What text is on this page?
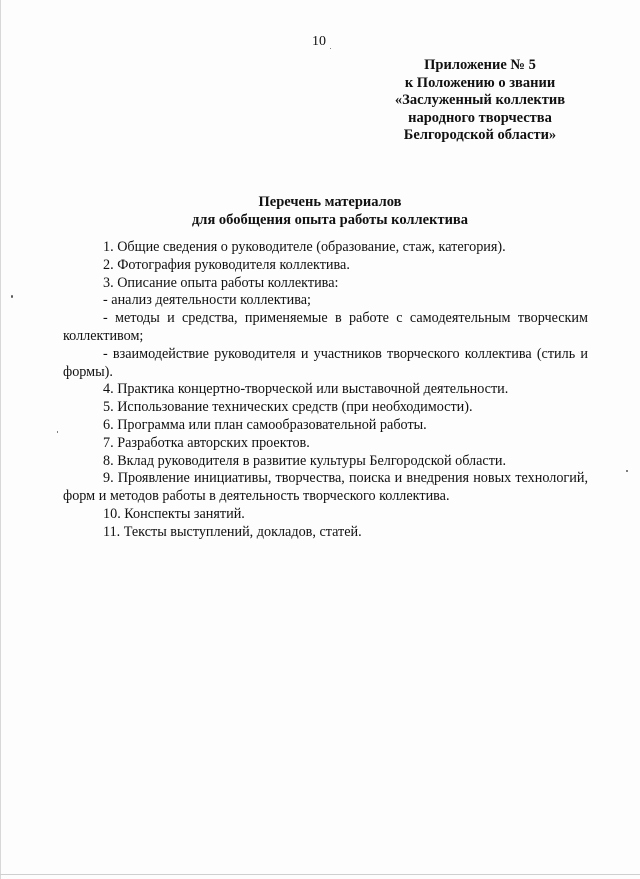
10
Приложение № 5
к Положению о звании
«Заслуженный коллектив
народного творчества
Белгородской области»
Перечень материалов
для обобщения опыта работы коллектива

1. Общие сведения о руководителе (образование, стаж, категория).

2. Фотография руководителя коллектива.

3. Описание опыта работы коллектива:

- анализ деятельности коллектива;

- методы и средства, применяемые в работе с самодеятельным творческим коллективом;

- взаимодействие руководителя и участников творческого коллектива (стиль и формы).

4. Практика концертно-творческой или выставочной деятельности.

5. Использование технических средств (при необходимости).

6. Программа или план самообразовательной работы.

7. Разработка авторских проектов.

8. Вклад руководителя в развитие культуры Белгородской области.

9. Проявление инициативы, творчества, поиска и внедрения новых технологий, форм и методов работы в деятельность творческого коллектива.

10. Конспекты занятий.

11. Тексты выступлений, докладов, статей.
